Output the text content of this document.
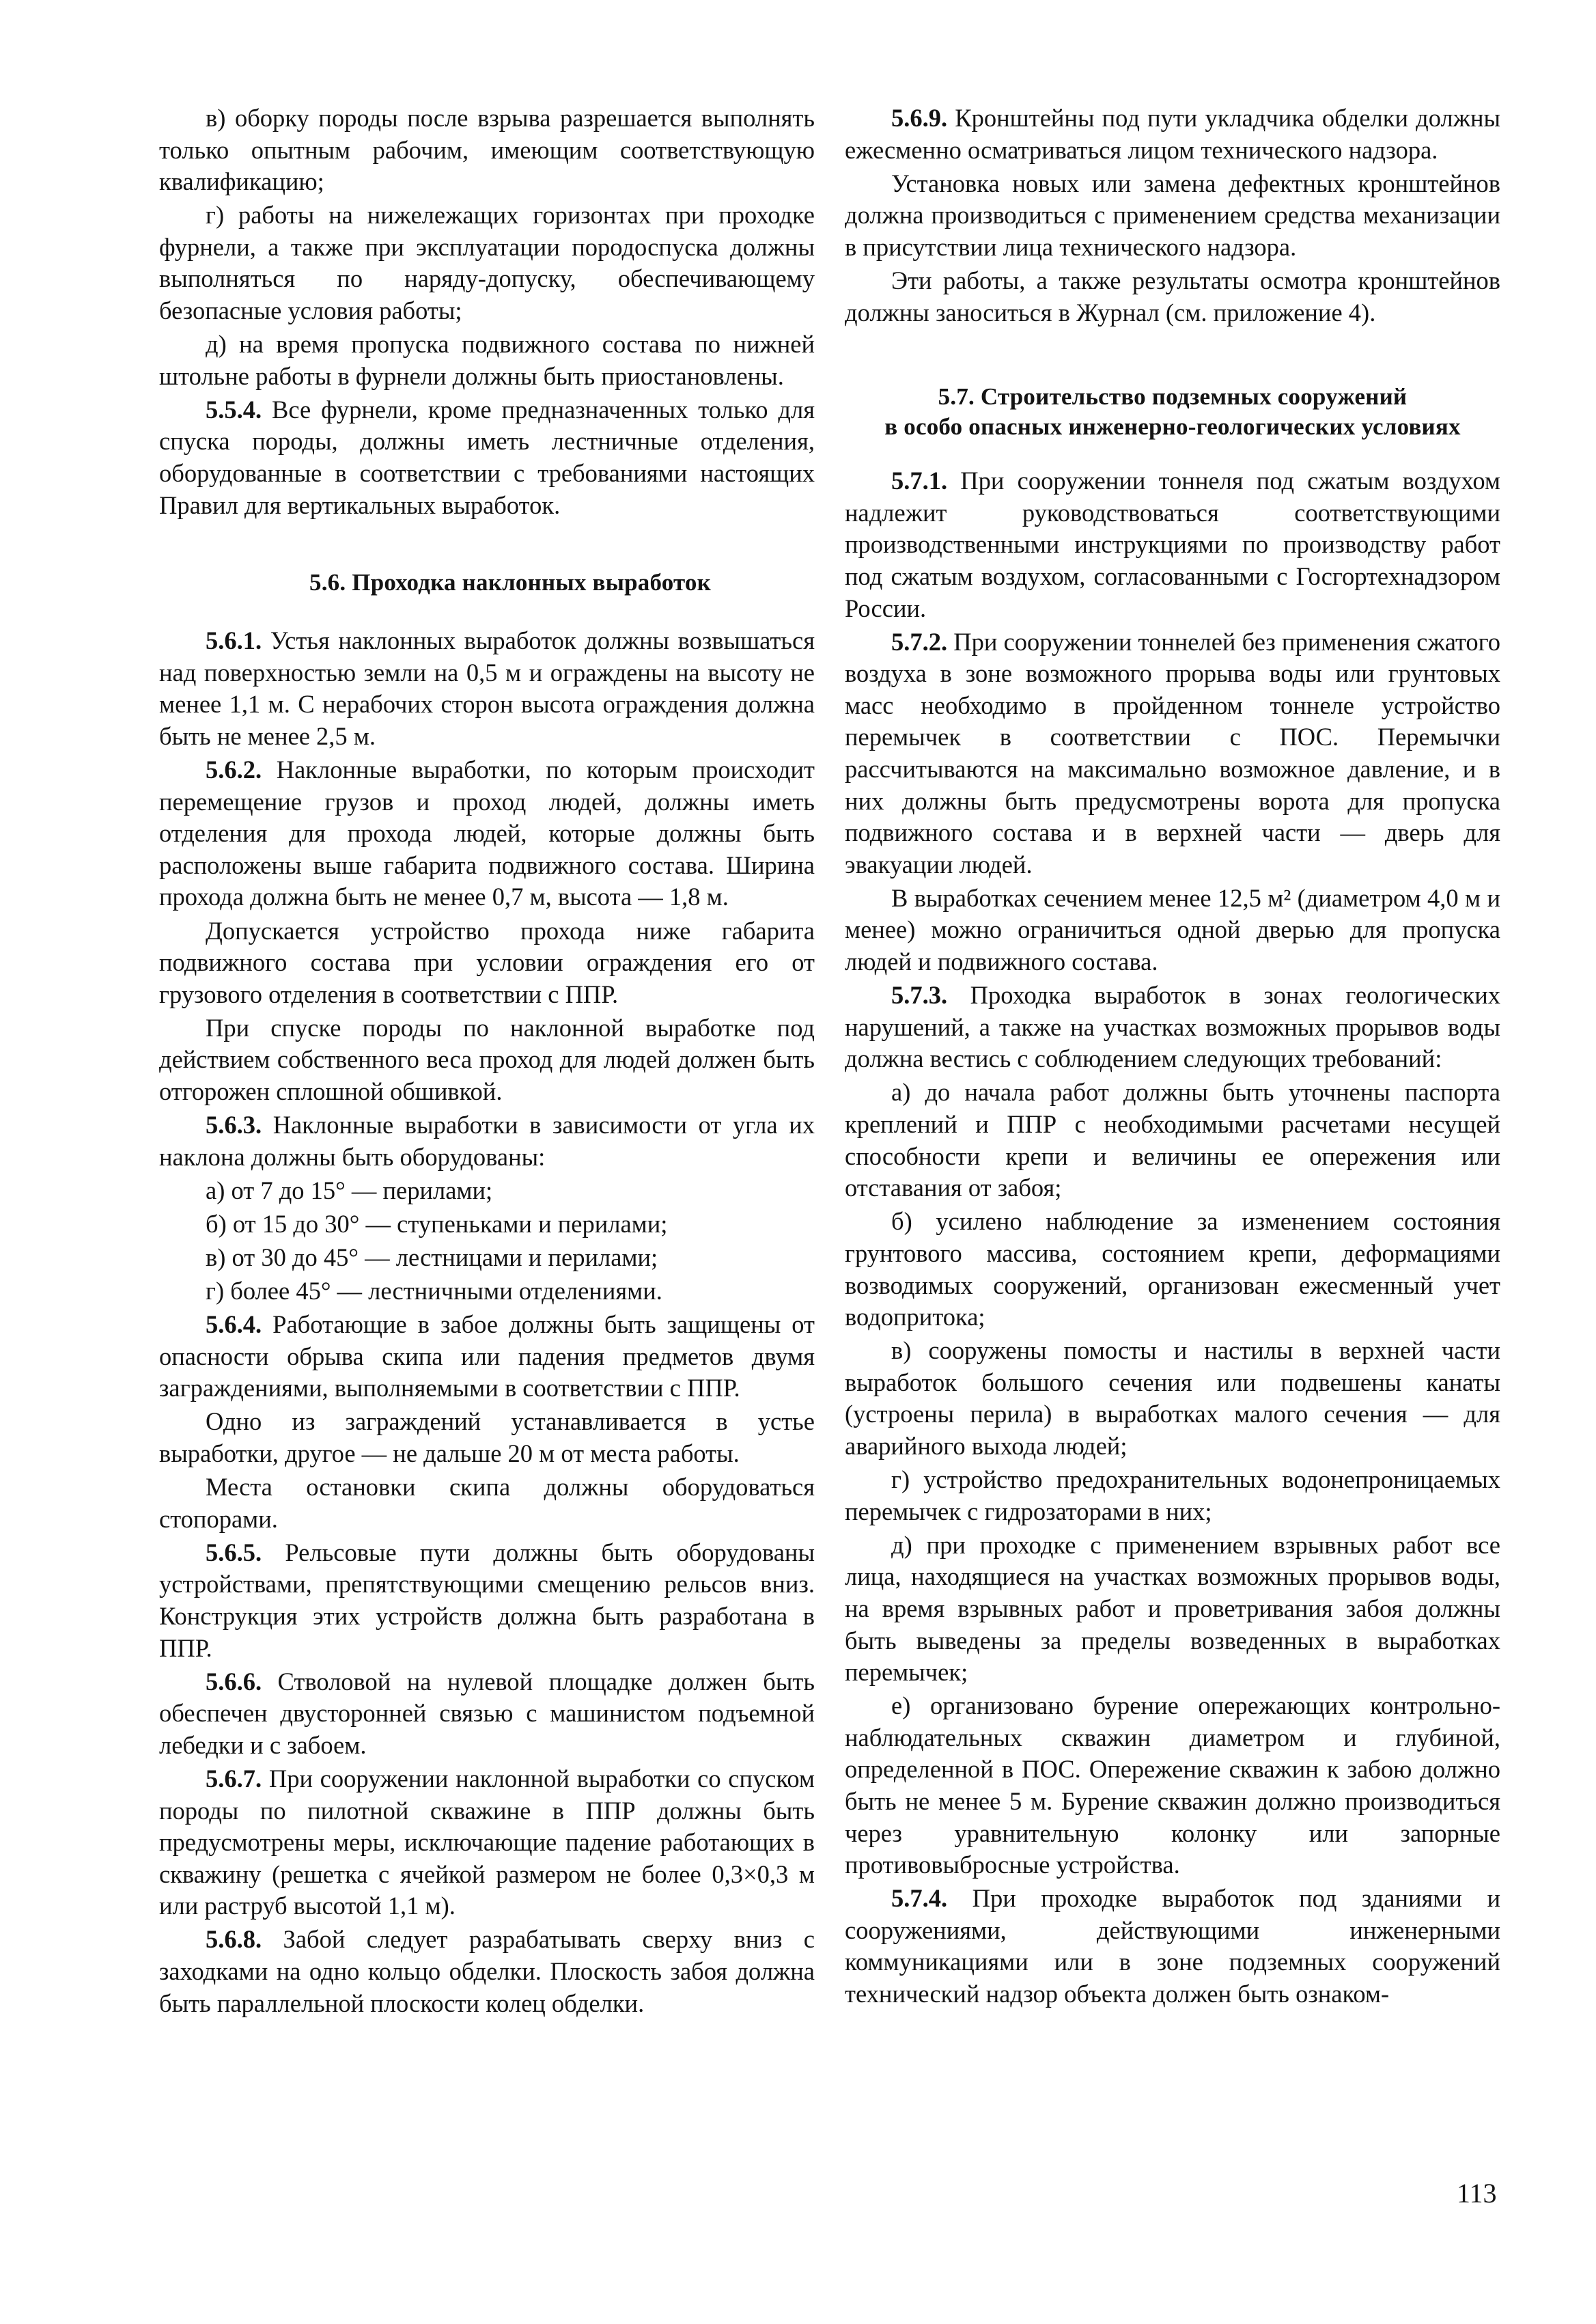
в) оборку породы после взрыва разрешается выполнять только опытным рабочим, имеющим соответствующую квалификацию;

г) работы на нижележащих горизонтах при проходке фурнели, а также при эксплуатации породоспуска должны выполняться по наряду-допуску, обеспечивающему безопасные условия работы;

д) на время пропуска подвижного состава по нижней штольне работы в фурнели должны быть приостановлены.

5.5.4. Все фурнели, кроме предназначенных только для спуска породы, должны иметь лестничные отделения, оборудованные в соответствии с требованиями настоящих Правил для вертикальных выработок.

5.6. Проходка наклонных выработок

5.6.1. Устья наклонных выработок должны возвышаться над поверхностью земли на 0,5 м и ограждены на высоту не менее 1,1 м. С нерабочих сторон высота ограждения должна быть не менее 2,5 м.

5.6.2. Наклонные выработки, по которым происходит перемещение грузов и проход людей, должны иметь отделения для прохода людей, которые должны быть расположены выше габарита подвижного состава. Ширина прохода должна быть не менее 0,7 м, высота — 1,8 м.

Допускается устройство прохода ниже габарита подвижного состава при условии ограждения его от грузового отделения в соответствии с ППР.

При спуске породы по наклонной выработке под действием собственного веса проход для людей должен быть отгорожен сплошной обшивкой.

5.6.3. Наклонные выработки в зависимости от угла их наклона должны быть оборудованы:

а) от 7 до 15° — перилами;

б) от 15 до 30° — ступеньками и перилами;

в) от 30 до 45° — лестницами и перилами;

г) более 45° — лестничными отделениями.

5.6.4. Работающие в забое должны быть защищены от опасности обрыва скипа или падения предметов двумя заграждениями, выполняемыми в соответствии с ППР.

Одно из заграждений устанавливается в устье выработки, другое — не дальше 20 м от места работы.

Места остановки скипа должны оборудоваться стопорами.

5.6.5. Рельсовые пути должны быть оборудованы устройствами, препятствующими смещению рельсов вниз. Конструкция этих устройств должна быть разработана в ППР.

5.6.6. Стволовой на нулевой площадке должен быть обеспечен двусторонней связью с машинистом подъемной лебедки и с забоем.

5.6.7. При сооружении наклонной выработки со спуском породы по пилотной скважине в ППР должны быть предусмотрены меры, исключающие падение работающих в скважину (решетка с ячейкой размером не более 0,3×0,3 м или раструб высотой 1,1 м).

5.6.8. Забой следует разрабатывать сверху вниз с заходками на одно кольцо обделки. Плоскость забоя должна быть параллельной плоскости колец обделки.

5.6.9. Кронштейны под пути укладчика обделки должны ежесменно осматриваться лицом технического надзора.

Установка новых или замена дефектных кронштейнов должна производиться с применением средства механизации в присутствии лица технического надзора.

Эти работы, а также результаты осмотра кронштейнов должны заноситься в Журнал (см. приложение 4).

5.7. Строительство подземных сооружений
в особо опасных инженерно-геологических условиях

5.7.1. При сооружении тоннеля под сжатым воздухом надлежит руководствоваться соответствующими производственными инструкциями по производству работ под сжатым воздухом, согласованными с Госгортехнадзором России.

5.7.2. При сооружении тоннелей без применения сжатого воздуха в зоне возможного прорыва воды или грунтовых масс необходимо в пройденном тоннеле устройство перемычек в соответствии с ПОС. Перемычки рассчитываются на максимально возможное давление, и в них должны быть предусмотрены ворота для пропуска подвижного состава и в верхней части — дверь для эвакуации людей.

В выработках сечением менее 12,5 м² (диаметром 4,0 м и менее) можно ограничиться одной дверью для пропуска людей и подвижного состава.

5.7.3. Проходка выработок в зонах геологических нарушений, а также на участках возможных прорывов воды должна вестись с соблюдением следующих требований:

а) до начала работ должны быть уточнены паспорта креплений и ППР с необходимыми расчетами несущей способности крепи и величины ее опережения или отставания от забоя;

б) усилено наблюдение за изменением состояния грунтового массива, состоянием крепи, деформациями возводимых сооружений, организован ежесменный учет водопритока;

в) сооружены помосты и настилы в верхней части выработок большого сечения или подвешены канаты (устроены перила) в выработках малого сечения — для аварийного выхода людей;

г) устройство предохранительных водонепроницаемых перемычек с гидрозаторами в них;

д) при проходке с применением взрывных работ все лица, находящиеся на участках возможных прорывов воды, на время взрывных работ и проветривания забоя должны быть выведены за пределы возведенных в выработках перемычек;

е) организовано бурение опережающих контрольно-наблюдательных скважин диаметром и глубиной, определенной в ПОС. Опережение скважин к забою должно быть не менее 5 м. Бурение скважин должно производиться через уравнительную колонку или запорные противовыбросные устройства.

5.7.4. При проходке выработок под зданиями и сооружениями, действующими инженерными коммуникациями или в зоне подземных сооружений технический надзор объекта должен быть ознаком-

113
